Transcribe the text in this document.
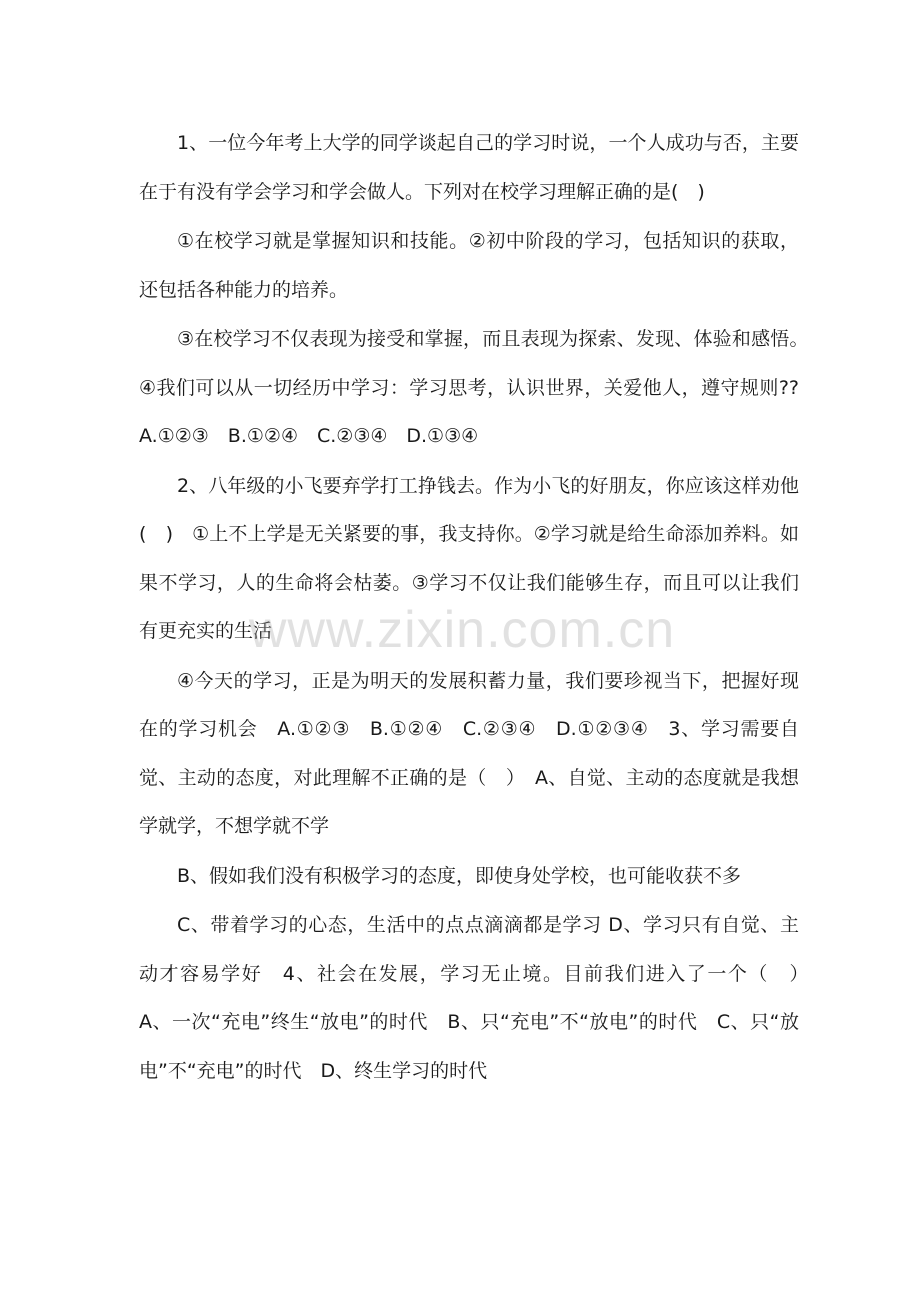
1、一位今年考上大学的同学谈起自己的学习时说，一个人成功与否，主要在于有没有学会学习和学会做人。下列对在校学习理解正确的是(　)

①在校学习就是掌握知识和技能。②初中阶段的学习，包括知识的获取，还包括各种能力的培养。

③在校学习不仅表现为接受和掌握，而且表现为探索、发现、体验和感悟。　④我们可以从一切经历中学习：学习思考，认识世界，关爱他人，遵守规则?? A.①②③　B.①②④　C.②③④　D.①③④

2、八年级的小飞要弃学打工挣钱去。作为小飞的好朋友，你应该这样劝他(　)　①上不上学是无关紧要的事，我支持你。②学习就是给生命添加养料。如果不学习，人的生命将会枯萎。③学习不仅让我们能够生存，而且可以让我们有更充实的生活

④今天的学习，正是为明天的发展积蓄力量，我们要珍视当下，把握好现在的学习机会　A.①②③　B.①②④　C.②③④　D.①②③④　3、学习需要自觉、主动的态度，对此理解不正确的是（　）　A、自觉、主动的态度就是我想学就学，不想学就不学

B、假如我们没有积极学习的态度，即使身处学校，也可能收获不多

C、带着学习的心态，生活中的点点滴滴都是学习 D、学习只有自觉、主动才容易学好　4、社会在发展，学习无止境。目前我们进入了一个（　）　A、一次“充电”终生“放电”的时代　B、只“充电”不“放电”的时代　C、只“放电”不“充电”的时代　D、终生学习的时代

www.zixin.com.cn
